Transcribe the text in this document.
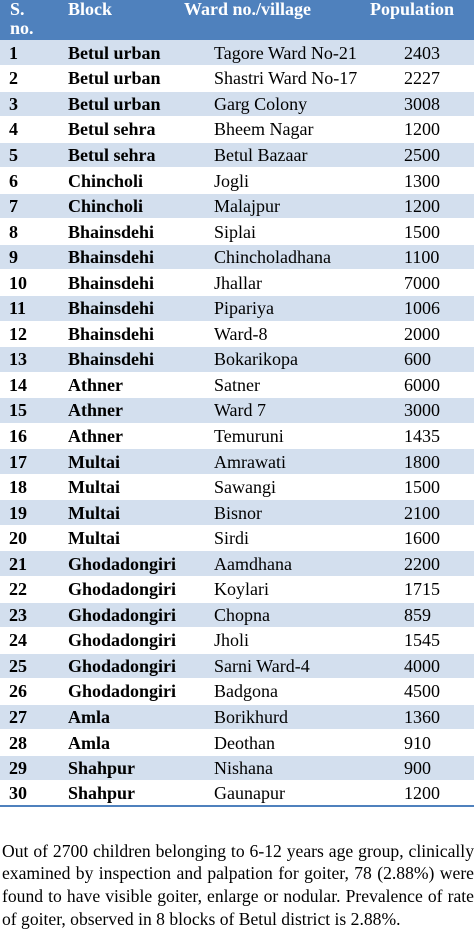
S.
no.	Block	Ward no./village	Population
1	Betul urban	Tagore Ward No-21	2403
2	Betul urban	Shastri Ward No-17	2227
3	Betul urban	Garg Colony	3008
4	Betul sehra	Bheem Nagar	1200
5	Betul sehra	Betul Bazaar	2500
6	Chincholi	Jogli	1300
7	Chincholi	Malajpur	1200
8	Bhainsdehi	Siplai	1500
9	Bhainsdehi	Chincholadhana	1100
10	Bhainsdehi	Jhallar	7000
11	Bhainsdehi	Pipariya	1006
12	Bhainsdehi	Ward-8	2000
13	Bhainsdehi	Bokarikopa	600
14	Athner	Satner	6000
15	Athner	Ward 7	3000
16	Athner	Temuruni	1435
17	Multai	Amrawati	1800
18	Multai	Sawangi	1500
19	Multai	Bisnor	2100
20	Multai	Sirdi	1600
21	Ghodadongiri	Aamdhana	2200
22	Ghodadongiri	Koylari	1715
23	Ghodadongiri	Chopna	859
24	Ghodadongiri	Jholi	1545
25	Ghodadongiri	Sarni Ward-4	4000
26	Ghodadongiri	Badgona	4500
27	Amla	Borikhurd	1360
28	Amla	Deothan	910
29	Shahpur	Nishana	900
30	Shahpur	Gaunapur	1200

Out of 2700 children belonging to 6-12 years age group, clinically examined by inspection and palpation for goiter, 78 (2.88%) were found to have visible goiter, enlarge or nodular. Prevalence of rate of goiter, observed in 8 blocks of Betul district is 2.88%.
